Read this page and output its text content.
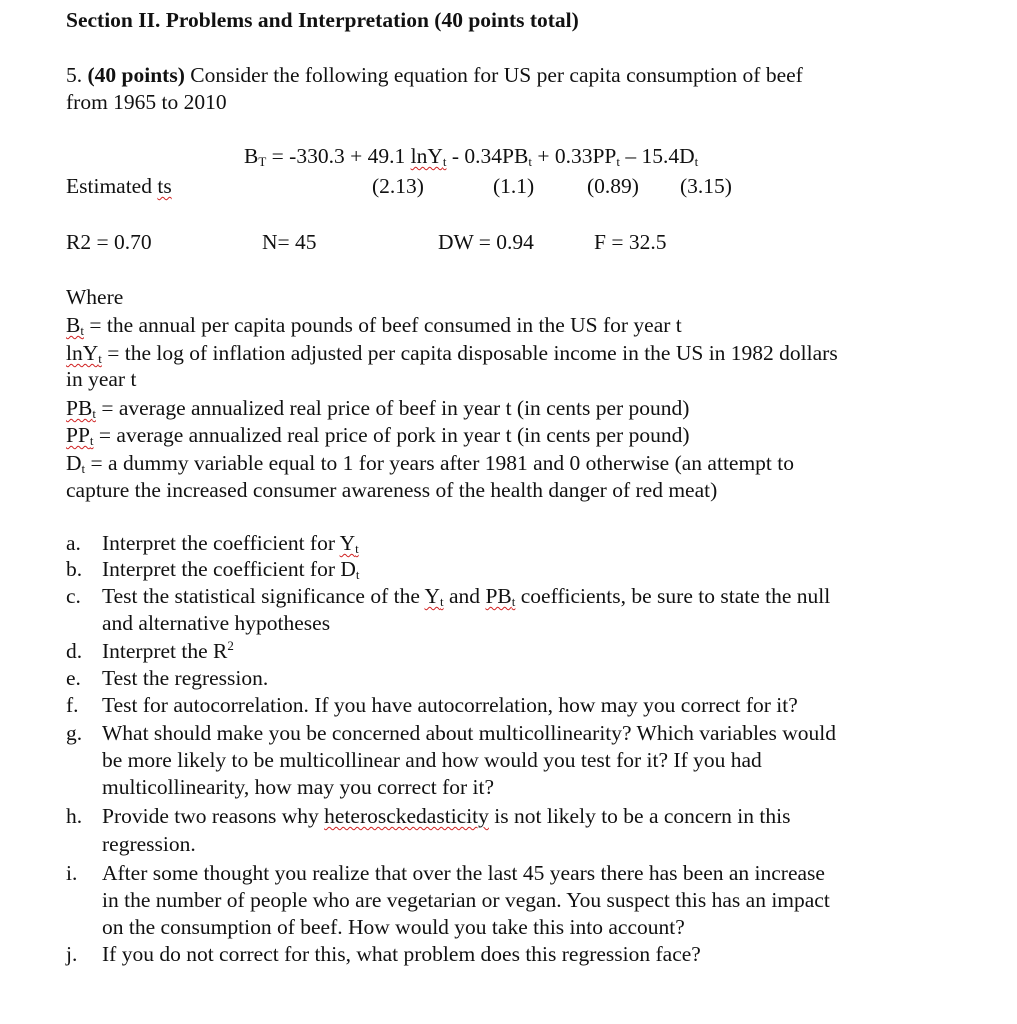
Section II. Problems and Interpretation (40 points total)
5. (40 points) Consider the following equation for US per capita consumption of beef
from 1965 to 2010
$B_T = -330.3 + 49.1$ $\ln Y_t - 0.34PB_t + 0.33PP_t - 15.4D_t$
Estimated ts	(2.13)	(1.1) (0.89) (3.15)
R2 = 0.70	N= 45	DW = 0.94	F = 32.5
Where
$B_t$ = the annual per capita pounds of beef consumed in the US for year t
lnY$_t$ = the log of inflation adjusted per capita disposable income in the US in 1982 dollars
in year t
$PB_t$ = average annualized real price of beef in year t (in cents per pound)
$PP_t$ = average annualized real price of pork in year t (in cents per pound)
$D_t = a$ dummy variable equal to 1 for years after 1981 and 0 otherwise (an attempt to
capture the increased consumer awareness of the health danger of red meat)
a. Interpret the coefficient for $Y_t$
b. Interpret the coefficient for $D_t$
c. Test the statistical significance of the $Y_t$ and $PB_t$ coefficients, be sure to state the null
and alternative hypotheses
d. Interpret the $R^2$
e. Test the regression.
f. Test for autocorrelation. If you have autocorrelation, how may you correct for it?
g. What should make you be concerned about multicollinearity? Which variables would
be more likely to be multicollinear and how would you test for it? If you had
multicollinearity, how may you correct for it?
h. Provide two reasons why heterosckedasticity is not likely to be a concern in this
regression.
i. After some thought you realize that over the last 45 years there has been an increase
in the number of people who are vegetarian or vegan. You suspect this has an impact
on the consumption of beef. How would you take this into account?
j. If you do not correct for this, what problem does this regression face?
